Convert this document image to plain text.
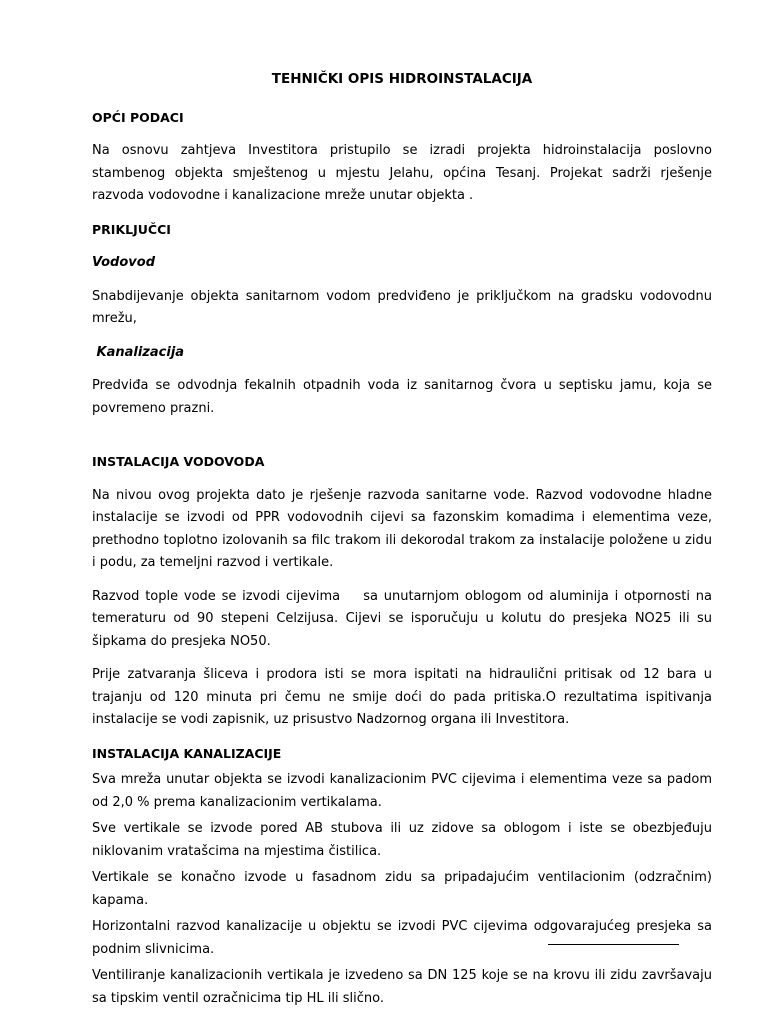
TEHNIČKI OPIS HIDROINSTALACIJA
OPĆI PODACI

Na osnovu zahtjeva Investitora pristupilo se izradi projekta hidroinstalacija poslovno stambenog objekta smještenog u mjestu Jelahu, općina Tesanj. Projekat sadrži rješenje razvoda vodovodne i kanalizacione mreže unutar objekta .

PRIKLJUČCI
Vodovod

Snabdijevanje objekta sanitarnom vodom predviđeno je priključkom na gradsku vodovodnu mrežu,

Kanalizacija

Predviđa se odvodnja fekalnih otpadnih voda iz sanitarnog čvora u septisku jamu, koja se povremeno prazni.

INSTALACIJA VODOVODA

Na nivou ovog projekta dato je rješenje razvoda sanitarne vode. Razvod vodovodne hladne instalacije se izvodi od PPR vodovodnih cijevi sa fazonskim komadima i elementima veze, prethodno toplotno izolovanih sa filc trakom ili dekorodal trakom za instalacije položene u zidu i podu, za temeljni razvod i vertikale.

Razvod tople vode se izvodi cijevima    sa unutarnjom oblogom od aluminija i otpornosti na temeraturu od 90 stepeni Celzijusa. Cijevi se isporučuju u kolutu do presjeka NO25 ili su šipkama do presjeka NO50.

Prije zatvaranja šliceva i prodora isti se mora ispitati na hidraulični pritisak od 12 bara u trajanju od 120 minuta pri čemu ne smije doći do pada pritiska.O rezultatima ispitivanja instalacije se vodi zapisnik, uz prisustvo Nadzornog organa ili Investitora.

INSTALACIJA KANALIZACIJE

Sva mreža unutar objekta se izvodi kanalizacionim PVC cijevima i elementima veze sa padom od 2,0 % prema kanalizacionim vertikalama.

Sve vertikale se izvode pored AB stubova ili uz zidove sa oblogom i iste se obezbjeđuju niklovanim vratašcima na mjestima čistilica.

Vertikale se konačno izvode u fasadnom zidu sa pripadajućim ventilacionim (odzračnim) kapama.

Horizontalni razvod kanalizacije u objektu se izvodi PVC cijevima odgovarajućeg presjeka sa podnim slivnicima.

Ventiliranje kanalizacionih vertikala je izvedeno sa DN 125 koje se na krovu ili zidu završavaju sa tipskim ventil ozračnicima tip HL ili slično.
